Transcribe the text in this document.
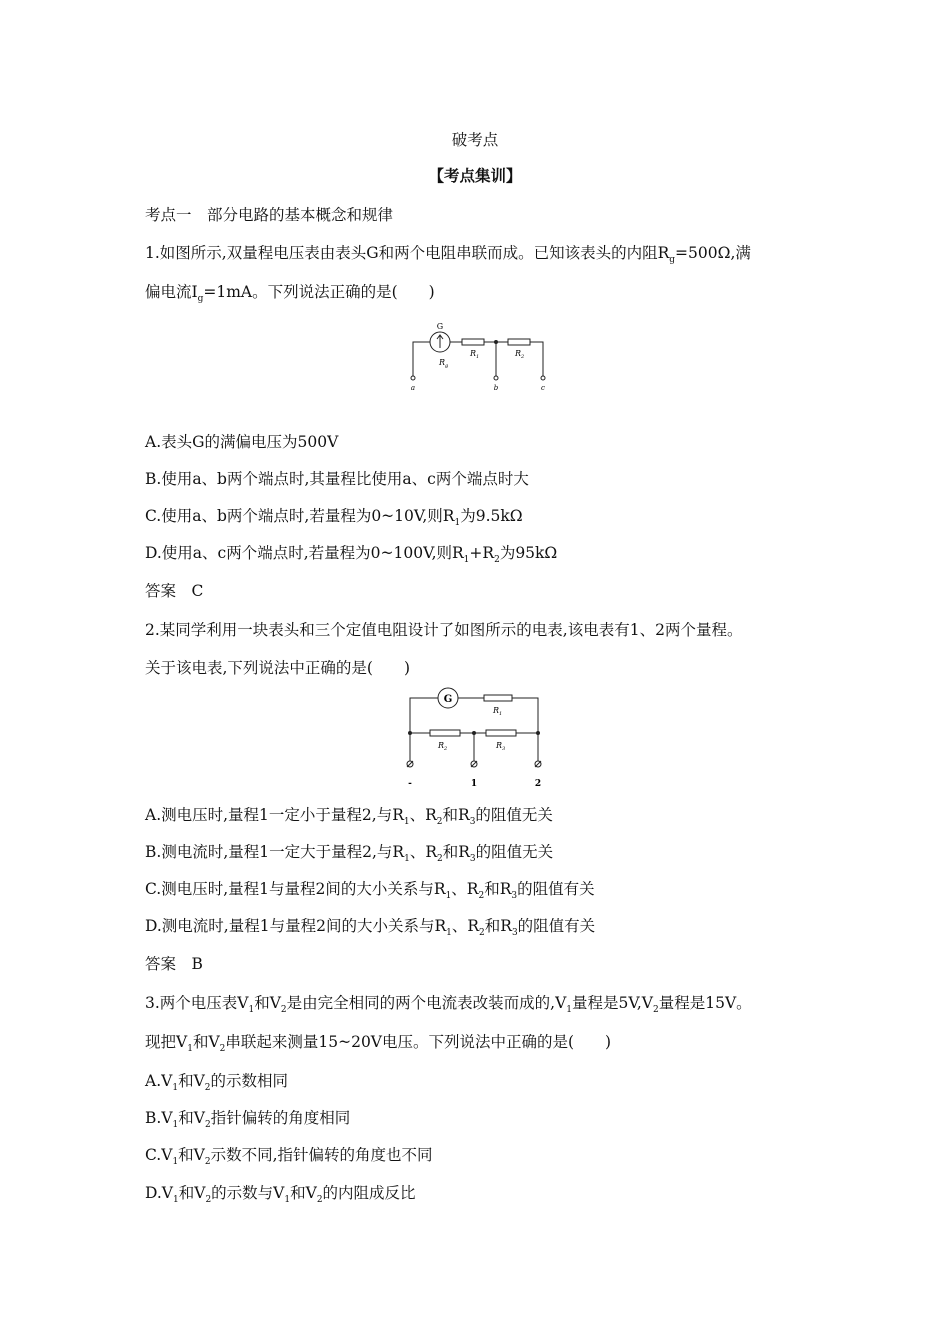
破考点
【考点集训】
考点一　部分电路的基本概念和规律
1.如图所示,双量程电压表由表头G和两个电阻串联而成。已知该表头的内阻$R_g=500\Omega$,满
偏电流$I_g=1mA$。下列说法正确的是(　　)
G
$R_g$
$R_1$	$R_2$
a	b	c
A.表头G的满偏电压为500V
B.使用a、b两个端点时,其量程比使用a、c两个端点时大
C.使用a、b两个端点时,若量程为0~10V,则$R_1$为9.5kΩ
D.使用a、c两个端点时,若量程为0~100V,则$R_1+R_2$为95kΩ
答案　C
2.某同学利用一块表头和三个定值电阻设计了如图所示的电表,该电表有1、2两个量程。
关于该电表,下列说法中正确的是(　　)
G
$R_1$
$R_2$	$R_3$
-	1	2
A.测电压时,量程1一定小于量程2,与$R_1$、$R_2$和$R_3$的阻值无关
B.测电流时,量程1一定大于量程2,与$R_1$、$R_2$和$R_3$的阻值无关
C.测电压时,量程1与量程2间的大小关系与$R_1$、$R_2$和$R_3$的阻值有关
D.测电流时,量程1与量程2间的大小关系与$R_1$、$R_2$和$R_3$的阻值有关
答案　B
3.两个电压表$V_1$和$V_2$是由完全相同的两个电流表改装而成的$,V_1$量程是$5V,V_2$量程是15V。
现把$V_1$和$V_2$串联起来测量15~20V电压。下列说法中正确的是(　　)
$A.V_1$和$V_2$的示数相同
$B.V_1$和$V_2$指针偏转的角度相同
$C.V_1$和$V_2$示数不同,指针偏转的角度也不同
$D.V_1$和$V_2$的示数与$V_1$和$V_2$的内阻成反比
